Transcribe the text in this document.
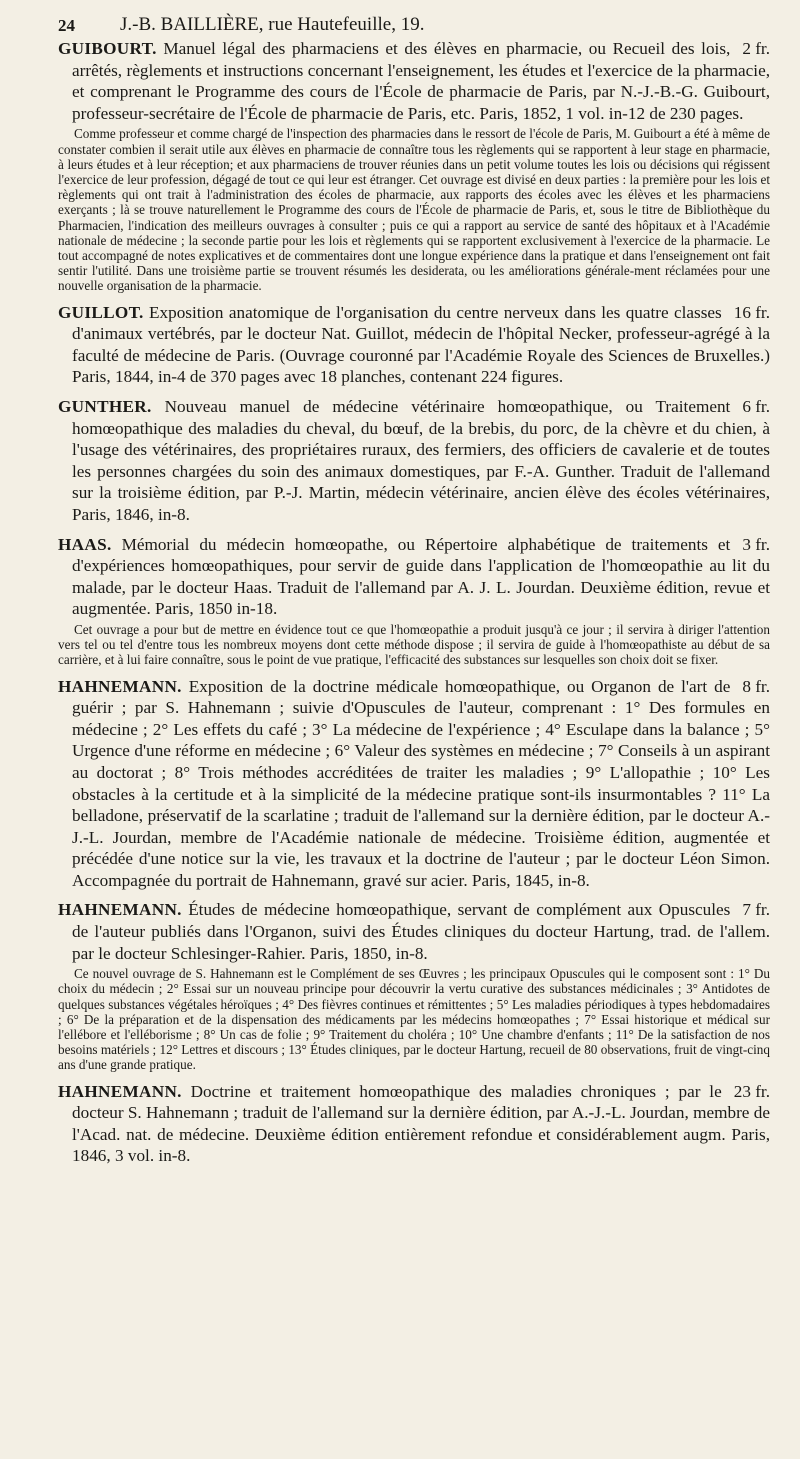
24 J.-B. BAILLIÈRE, rue Hautefeuille, 19.

2 fr.
GUIBOURT. Manuel légal des pharmaciens et des élèves en pharmacie, ou Recueil des lois, arrêtés, règlements et instructions concernant l'enseignement, les études et l'exercice de la pharmacie, et comprenant le Programme des cours de l'École de pharmacie de Paris, par N.-J.-B.-G. Guibourt, professeur-secrétaire de l'École de pharmacie de Paris, etc. Paris, 1852, 1 vol. in-12 de 230 pages.

Comme professeur et comme chargé de l'inspection des pharmacies dans le ressort de l'école de Paris, M. Guibourt a été à même de constater combien il serait utile aux élèves en pharmacie de connaître tous les règlements qui se rapportent à leur stage en pharmacie, à leurs études et à leur réception; et aux pharmaciens de trouver réunies dans un petit volume toutes les lois ou décisions qui régissent l'exercice de leur profession, dégagé de tout ce qui leur est étranger. Cet ouvrage est divisé en deux parties : la première pour les lois et règlements qui ont trait à l'administration des écoles de pharmacie, aux rapports des écoles avec les élèves et les pharmaciens exerçants ; là se trouve naturellement le Programme des cours de l'École de pharmacie de Paris, et, sous le titre de Bibliothèque du Pharmacien, l'indication des meilleurs ouvrages à consulter ; puis ce qui a rapport au service de santé des hôpitaux et à l'Académie nationale de médecine ; la seconde partie pour les lois et règlements qui se rapportent exclusivement à l'exercice de la pharmacie. Le tout accompagné de notes explicatives et de commentaires dont une longue expérience dans la pratique et dans l'enseignement ont fait sentir l'utilité. Dans une troisième partie se trouvent résumés les desiderata, ou les améliorations générale-ment réclamées pour une nouvelle organisation de la pharmacie.

16 fr.
GUILLOT. Exposition anatomique de l'organisation du centre nerveux dans les quatre classes d'animaux vertébrés, par le docteur Nat. Guillot, médecin de l'hôpital Necker, professeur-agrégé à la faculté de médecine de Paris. (Ouvrage couronné par l'Académie Royale des Sciences de Bruxelles.) Paris, 1844, in-4 de 370 pages avec 18 planches, contenant 224 figures.

6 fr.
GUNTHER. Nouveau manuel de médecine vétérinaire homœopathique, ou Traitement homœopathique des maladies du cheval, du bœuf, de la brebis, du porc, de la chèvre et du chien, à l'usage des vétérinaires, des propriétaires ruraux, des fermiers, des officiers de cavalerie et de toutes les personnes chargées du soin des animaux domestiques, par F.-A. Gunther. Traduit de l'allemand sur la troisième édition, par P.-J. Martin, médecin vétérinaire, ancien élève des écoles vétérinaires, Paris, 1846, in-8.

3 fr.
HAAS. Mémorial du médecin homœopathe, ou Répertoire alphabétique de traitements et d'expériences homœopathiques, pour servir de guide dans l'application de l'homœopathie au lit du malade, par le docteur Haas. Traduit de l'allemand par A. J. L. Jourdan. Deuxième édition, revue et augmentée. Paris, 1850 in-18.

Cet ouvrage a pour but de mettre en évidence tout ce que l'homœopathie a produit jusqu'à ce jour ; il servira à diriger l'attention vers tel ou tel d'entre tous les nombreux moyens dont cette méthode dispose ; il servira de guide à l'homœopathiste au début de sa carrière, et à lui faire connaître, sous le point de vue pratique, l'efficacité des substances sur lesquelles son choix doit se fixer.

8 fr.
HAHNEMANN. Exposition de la doctrine médicale homœopathique, ou Organon de l'art de guérir ; par S. Hahnemann ; suivie d'Opuscules de l'auteur, comprenant : 1° Des formules en médecine ; 2° Les effets du café ; 3° La médecine de l'expérience ; 4° Esculape dans la balance ; 5° Urgence d'une réforme en médecine ; 6° Valeur des systèmes en médecine ; 7° Conseils à un aspirant au doctorat ; 8° Trois méthodes accréditées de traiter les maladies ; 9° L'allopathie ; 10° Les obstacles à la certitude et à la simplicité de la médecine pratique sont-ils insurmontables ? 11° La belladone, préservatif de la scarlatine ; traduit de l'allemand sur la dernière édition, par le docteur A.-J.-L. Jourdan, membre de l'Académie nationale de médecine. Troisième édition, augmentée et précédée d'une notice sur la vie, les travaux et la doctrine de l'auteur ; par le docteur Léon Simon. Accompagnée du portrait de Hahnemann, gravé sur acier. Paris, 1845, in-8.

7 fr.
HAHNEMANN. Études de médecine homœopathique, servant de complément aux Opuscules de l'auteur publiés dans l'Organon, suivi des Études cliniques du docteur Hartung, trad. de l'allem. par le docteur Schlesinger-Rahier. Paris, 1850, in-8.

Ce nouvel ouvrage de S. Hahnemann est le Complément de ses Œuvres ; les principaux Opuscules qui le composent sont : 1° Du choix du médecin ; 2° Essai sur un nouveau principe pour découvrir la vertu curative des substances médicinales ; 3° Antidotes de quelques substances végétales héroïques ; 4° Des fièvres continues et rémittentes ; 5° Les maladies périodiques à types hebdomadaires ; 6° De la préparation et de la dispensation des médicaments par les médecins homœopathes ; 7° Essai historique et médical sur l'ellébore et l'elléborisme ; 8° Un cas de folie ; 9° Traitement du choléra ; 10° Une chambre d'enfants ; 11° De la satisfaction de nos besoins matériels ; 12° Lettres et discours ; 13° Études cliniques, par le docteur Hartung, recueil de 80 observations, fruit de vingt-cinq ans d'une grande pratique.

23 fr.
HAHNEMANN. Doctrine et traitement homœopathique des maladies chroniques ; par le docteur S. Hahnemann ; traduit de l'allemand sur la dernière édition, par A.-J.-L. Jourdan, membre de l'Acad. nat. de médecine. Deuxième édition entièrement refondue et considérablement augm. Paris, 1846, 3 vol. in-8.
